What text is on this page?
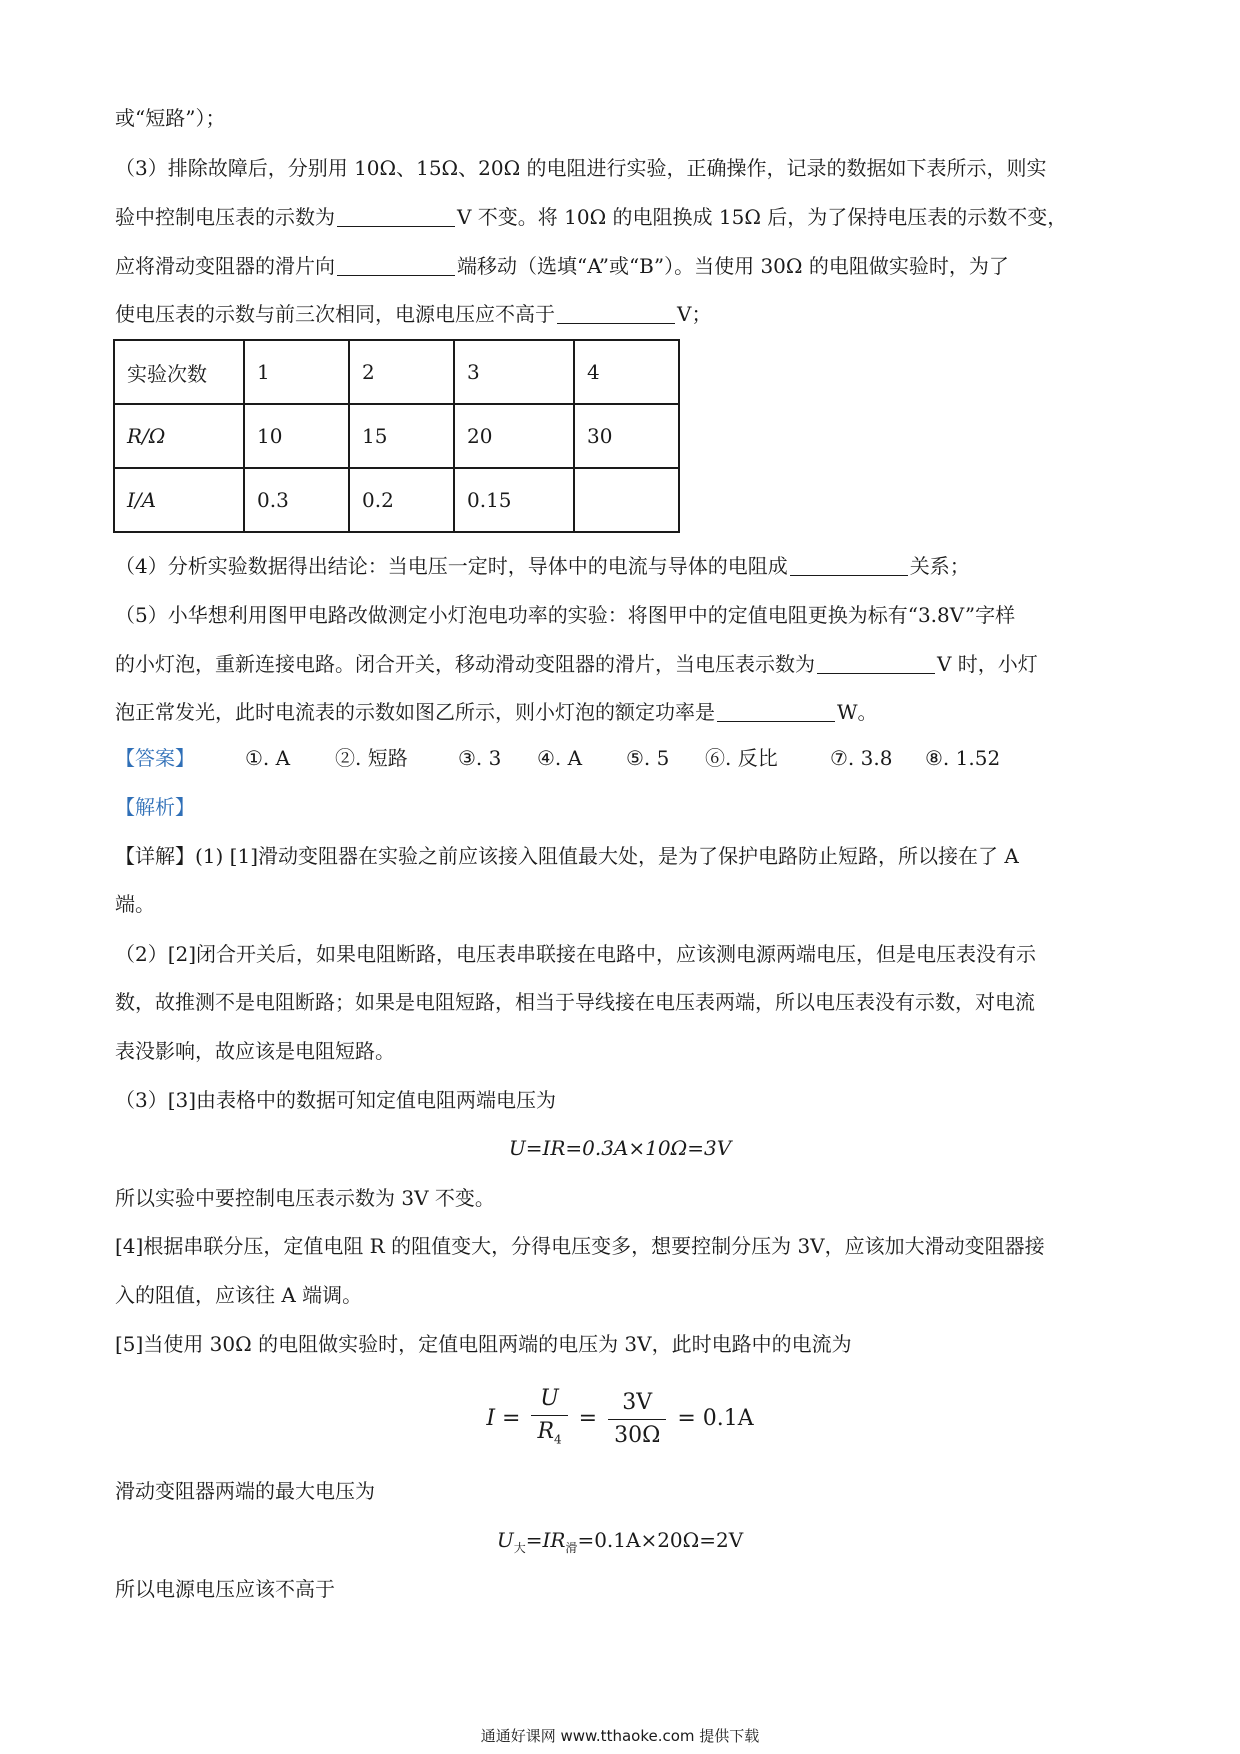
或“短路”）；
（3）排除故障后，分别用 10Ω、15Ω、20Ω 的电阻进行实验，正确操作，记录的数据如下表所示，则实
验中控制电压表的示数为	V 不变。将 10Ω 的电阻换成 15Ω 后，为了保持电压表的示数不变，
应将滑动变阻器的滑片向	端移动（选填“A”或“B”）。当使用 30Ω 的电阻做实验时，为了
使电压表的示数与前三次相同，电源电压应不高于	V；
实验次数	1	2	3	4
R/Ω	10	15	20	30
I/A	0.3	0.2	0.15	
（4）分析实验数据得出结论：当电压一定时，导体中的电流与导体的电阻成	关系；
（5）小华想利用图甲电路改做测定小灯泡电功率的实验：将图甲中的定值电阻更换为标有“3.8V”字样
的小灯泡，重新连接电路。闭合开关，移动滑动变阻器的滑片，当电压表示数为	V 时，小灯
泡正常发光，此时电流表的示数如图乙所示，则小灯泡的额定功率是	W。
【答案】	①. A ②. 短路	③. 3 ④. A ⑤. 5 ⑥. 反比	⑦. 3.8 ⑧. 1.52
【解析】
【详解】(1) [1]滑动变阻器在实验之前应该接入阻值最大处，是为了保护电路防止短路，所以接在了 A
端。
（2）[2]闭合开关后，如果电阻断路，电压表串联接在电路中，应该测电源两端电压，但是电压表没有示
数，故推测不是电阻断路；如果是电阻短路，相当于导线接在电压表两端，所以电压表没有示数，对电流
表没影响，故应该是电阻短路。
（3）[3]由表格中的数据可知定值电阻两端电压为
U=IR=0.3A×10Ω=3V
所以实验中要控制电压表示数为 3V 不变。
[4]根据串联分压，定值电阻 R 的阻值变大，分得电压变多，想要控制分压为 3V，应该加大滑动变阻器接
入的阻值，应该往 A 端调。
[5]当使用 30Ω 的电阻做实验时，定值电阻两端的电压为 3V，此时电路中的电流为
$I = \frac{U}{R_4} = \frac{3V}{30\Omega} = 0.1A$
滑动变阻器两端的最大电压为
$U_大=IR_滑=0.1A\times 20\Omega=2V$
所以电源电压应该不高于
通通好课网 www.tthaoke.com 提供下载
